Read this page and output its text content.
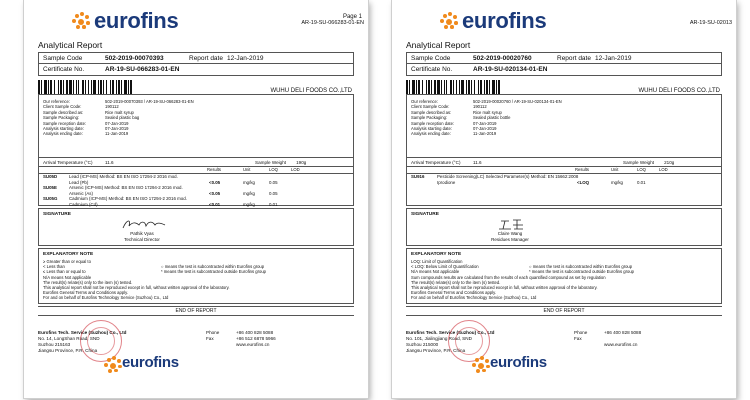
eurofins	Page 1
AR-19-SU-066283-01-EN
Analytical Report
Sample Code	502-2019-00070393	Report date 12-Jan-2019
Certificate No.	AR-19-SU-066283-01-EN
WUHU DELI FOODS CO.,LTD
Our reference:	502-2019-00070393 / AR-19-SU-066283-01-EN
Client Sample Code:	190112
Sample described as:	Rice malt syrup
Sample Packaging:	Sealed plastic bag
Sample reception date:	07-Jan-2019
Analysis starting date:	07-Jan-2019
Analysis ending date:	11-Jan-2019
Arrival Temperature (°C)	11.6	Sample Weight 190g
Results	Unit	LOQ	LOD
SU05D	Lead (ICP-MS) Method: BS EN ISO 17294-2 2016 mod.
Lead (Pb)	<0.05	mg/kg	0.05
SU05E	Arsenic (ICP-MS) Method: BS EN ISO 17294-2 2016 mod.
Arsenic (As)	<0.05	mg/kg	0.05
SU05G	Cadmium (ICP-MS) Method: BS EN ISO 17294-2 2016 mod.
Cadmium (Cd)	<0.01	mg/kg	0.01
SIGNATURE
Pathik Vyas
Technical Director
EXPLANATORY NOTE
≥ Greater than or equal to
< Less than	○ means the test is subcontracted within Eurofins group
≤ Less than or equal to	* means the test is subcontracted outside Eurofins group
N/A means Not applicable
The result(s) relate(s) only to the item (s) tested.
This analytical report shall not be reproduced except in full, without written approval of the laboratory.
Eurofins General Terms and Conditions apply.
For and on behalf of Eurofins Technology Service (Suzhou) Co., Ltd
END OF REPORT
Eurofins Tech. Service (Suzhou) Co., Ltd
No. 14, LongShan Road, SND
Suzhou 215163
Jiangsu Province, P.R. China
Phone	+86 400 828 5088
Fax	+86 512 6878 5966
www.eurofins.cn
eurofins
eurofins	AR-19-SU-02013
Analytical Report
Sample Code	502-2019-00020760	Report date 12-Jan-2019
Certificate No.	AR-19-SU-020134-01-EN
WUHU DELI FOODS CO.,LTD
Our reference:	502-2019-00020760 / AR-19-SU-020134-01-EN
Client Sample Code:	190112
Sample described as:	Rice malt syrup
Sample Packaging:	Sealed plastic bottle
Sample reception date:	07-Jan-2019
Analysis starting date:	07-Jan-2019
Analysis ending date:	11-Jan-2019
Arrival Temperature (°C)	11.6	Sample Weight 210g
Results	Unit	LOQ	LOD
SU916	Pesticide Screening(LC) Selected Parameter(s) Method: EN 15662:2008
Iprodione	<LOQ	mg/kg	0.01
SIGNATURE
Claire Wang
Residues Manager
EXPLANATORY NOTE
LOQ: Limit of Quantification
< LOQ: Below Limit of Quantification	○ means the test is subcontracted within Eurofins group
N/A means Not applicable	* means the test is subcontracted outside Eurofins group
Sum compounds results are calculated from the results of each quantified compound as set by regulation
The result(s) relate(s) only to the item (s) tested.
This analytical report shall not be reproduced except in full, without written approval of the laboratory.
Eurofins General Terms and Conditions apply.
For and on behalf of Eurofins Technology Service (Suzhou) Co., Ltd
END OF REPORT
Eurofins Tech. Service (Suzhou) Co., Ltd
No. 101, Jialingjiang Road, SND
Suzhou 215000
Jiangsu Province, P.R. China
Phone	+86 400 828 5088
Fax
www.eurofins.cn
eurofins
